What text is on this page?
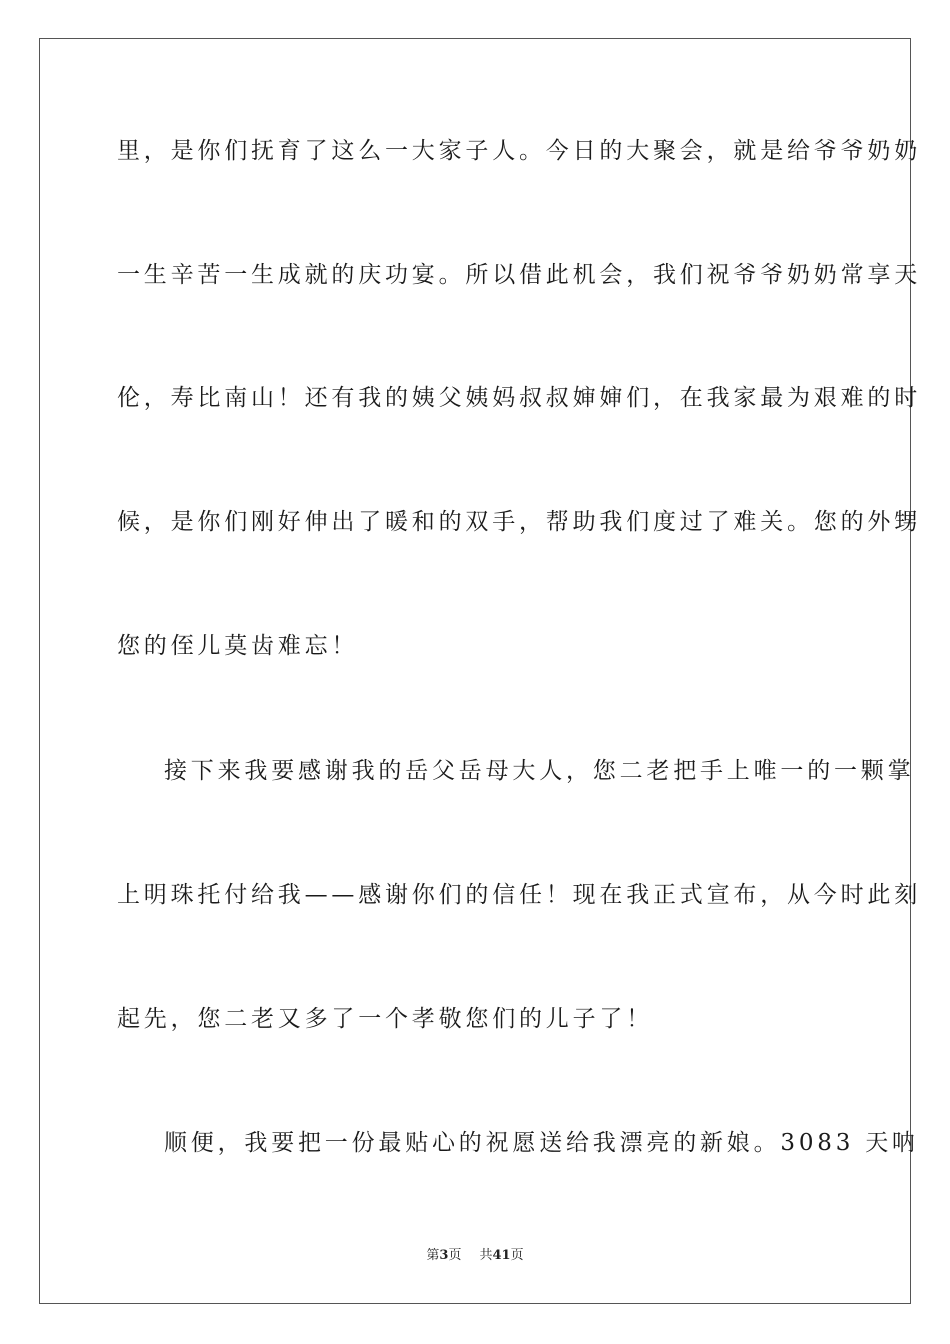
里，是你们抚育了这么一大家子人。今日的大聚会，就是给爷爷奶奶
一生辛苦一生成就的庆功宴。所以借此机会，我们祝爷爷奶奶常享天
伦，寿比南山！还有我的姨父姨妈叔叔婶婶们，在我家最为艰难的时
候，是你们刚好伸出了暖和的双手，帮助我们度过了难关。您的外甥
您的侄儿莫齿难忘！
接下来我要感谢我的岳父岳母大人，您二老把手上唯一的一颗掌
上明珠托付给我——感谢你们的信任！现在我正式宣布，从今时此刻
起先，您二老又多了一个孝敬您们的儿子了！
顺便，我要把一份最贴心的祝愿送给我漂亮的新娘。3083 天呐
第3页 共41页
